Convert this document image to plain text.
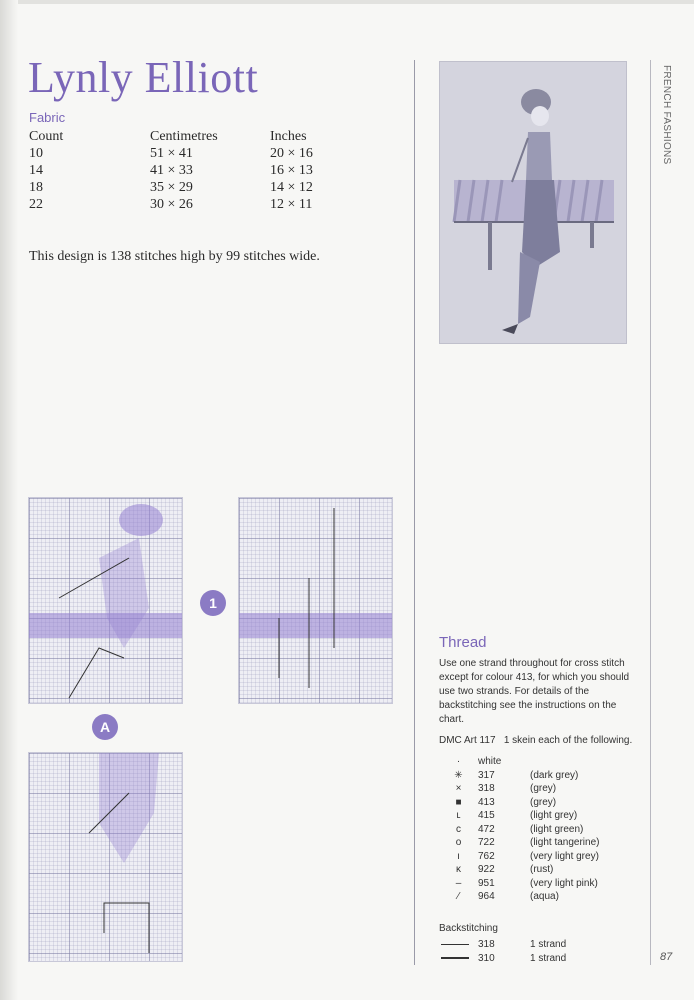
Lynly Elliott
Fabric
Count	Centimetres	Inches
10	51 × 41	20 × 16
14	41 × 33	16 × 13
18	35 × 29	14 × 12
22	30 × 26	12 × 11

This design is 138 stitches high by 99 stitches wide.

FRENCH FASHIONS
87
1
A
Thread

Use one strand throughout for cross stitch except for colour 413, for which you should use two strands. For details of the backstitching see the instructions on the chart.

DMC Art 117 1 skein each of the following.
·	white	
✳	317	(dark grey)
×	318	(grey)
■	413	(grey)
ʟ	415	(light grey)
c	472	(light green)
o	722	(light tangerine)
ı	762	(very light grey)
ĸ	922	(rust)
–	951	(very light pink)
⁄	964	(aqua)
Backstitching
	318	1 strand

	310	1 strand
